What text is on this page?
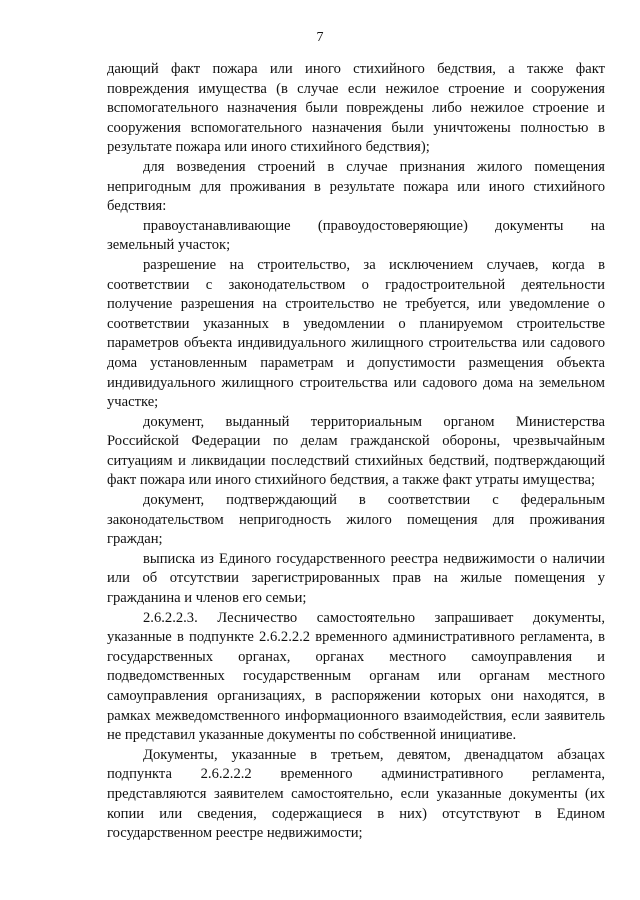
7

дающий факт пожара или иного стихийного бедствия, а также факт повреждения имущества (в случае если нежилое строение и сооружения вспомогательного назначения были повреждены либо нежилое строение и сооружения вспомогательного назначения были уничтожены полностью в результате пожара или иного стихийного бедствия);

для возведения строений в случае признания жилого помещения непригодным для проживания в результате пожара или иного стихийного бедствия:

правоустанавливающие (правоудостоверяющие) документы на земельный участок;

разрешение на строительство, за исключением случаев, когда в соответствии с законодательством о градостроительной деятельности получение разрешения на строительство не требуется, или уведомление о соответствии указанных в уведомлении о планируемом строительстве параметров объекта индивидуального жилищного строительства или садового дома установленным параметрам и допустимости размещения объекта индивидуального жилищного строительства или садового дома на земельном участке;

документ, выданный территориальным органом Министерства Российской Федерации по делам гражданской обороны, чрезвычайным ситуациям и ликвидации последствий стихийных бедствий, подтверждающий факт пожара или иного стихийного бедствия, а также факт утраты имущества;

документ, подтверждающий в соответствии с федеральным законодательством непригодность жилого помещения для проживания граждан;

выписка из Единого государственного реестра недвижимости о наличии или об отсутствии зарегистрированных прав на жилые помещения у гражданина и членов его семьи;

2.6.2.2.3. Лесничество самостоятельно запрашивает документы, указанные в подпункте 2.6.2.2.2 временного административного регламента, в государственных органах, органах местного самоуправления и подведомственных государственным органам или органам местного самоуправления организациях, в распоряжении которых они находятся, в рамках межведомственного информационного взаимодействия, если заявитель не представил указанные документы по собственной инициативе.

Документы, указанные в третьем, девятом, двенадцатом абзацах подпункта 2.6.2.2.2 временного административного регламента, представляются заявителем самостоятельно, если указанные документы (их копии или сведения, содержащиеся в них) отсутствуют в Едином государственном реестре недвижимости;
